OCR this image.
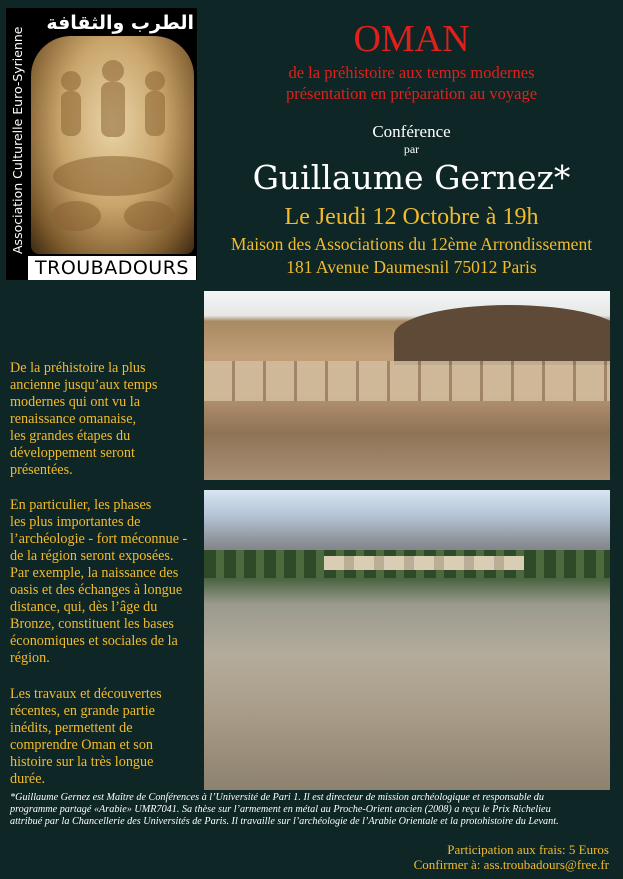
الطرب والثقافة
Association Culturelle Euro-Syrienne
TROUBADOURS
OMAN
de la préhistoire aux temps modernes
présentation en préparation au voyage
Conférence
par
Guillaume Gernez*
Le Jeudi 12 Octobre à 19h
Maison des Associations du 12ème Arrondissement
181 Avenue Daumesnil 75012 Paris
De la préhistoire la plus
ancienne jusqu’aux temps
modernes qui ont vu la
renaissance omanaise,
les grandes étapes du
développement seront
présentées.
En particulier, les phases
les plus importantes de
l’archéologie - fort méconnue -
de la région seront exposées.
Par exemple, la naissance des
oasis et des échanges à longue
distance, qui, dès l’âge du
Bronze, constituent les bases
économiques et sociales de la
région.
Les travaux et découvertes
récentes, en grande partie
inédits, permettent de
comprendre Oman et son
histoire sur la très longue
durée.
*Guillaume Gernez est Maître de Conférences à l’Université de Pari 1. Il est directeur de mission archéologique et responsable du
programme partagé «Arabie» UMR7041. Sa thèse sur l’armement en métal au Proche-Orient ancien (2008) a reçu le Prix Richelieu
attribué par la Chancellerie des Universités de Paris. Il travaille sur l’archéologie de l’Arabie Orientale et la protohistoire du Levant.
Participation aux frais: 5 Euros
Confirmer à: ass.troubadours@free.fr
